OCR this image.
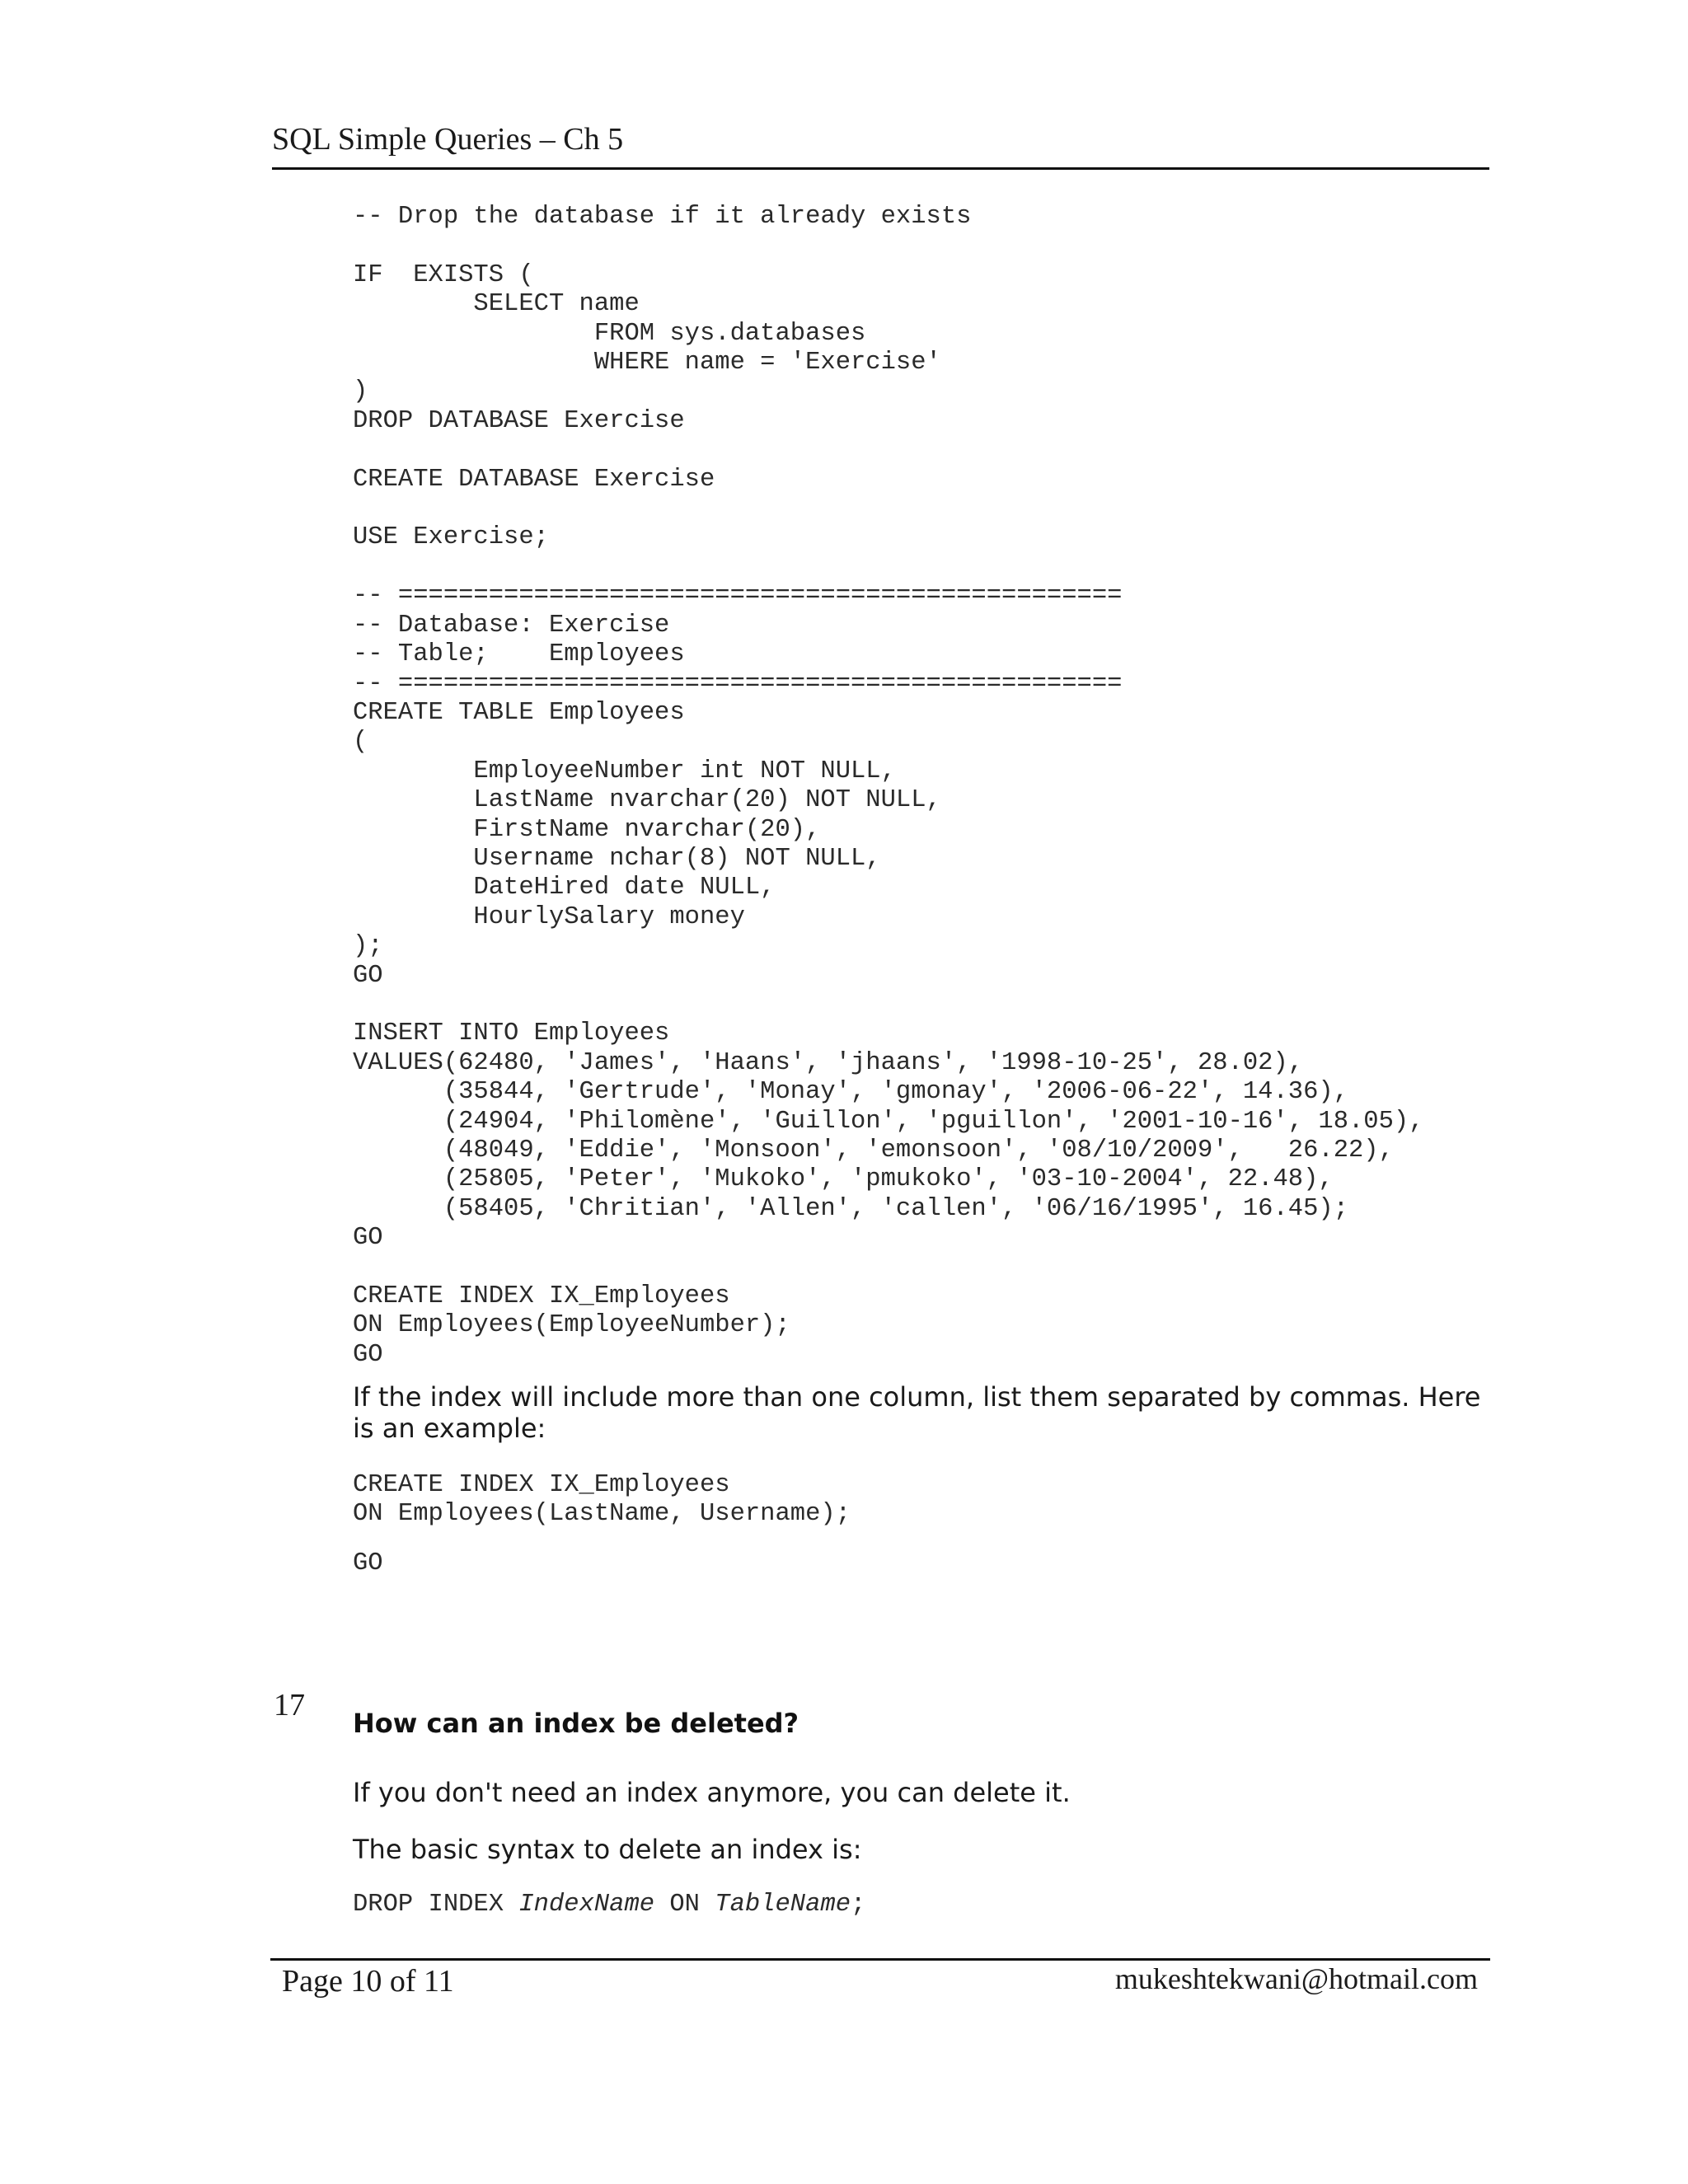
SQL Simple Queries – Ch 5
-- Drop the database if it already exists

IF  EXISTS (
SELECT name
FROM sys.databases
WHERE name = 'Exercise'
)
DROP DATABASE Exercise

CREATE DATABASE Exercise

USE Exercise;

-- ================================================
-- Database: Exercise
-- Table;    Employees
-- ================================================
CREATE TABLE Employees
(
EmployeeNumber int NOT NULL,
LastName nvarchar(20) NOT NULL,
FirstName nvarchar(20),
Username nchar(8) NOT NULL,
DateHired date NULL,
HourlySalary money
);
GO

INSERT INTO Employees
VALUES(62480, 'James', 'Haans', 'jhaans', '1998-10-25', 28.02),
(35844, 'Gertrude', 'Monay', 'gmonay', '2006-06-22', 14.36),
(24904, 'Philomène', 'Guillon', 'pguillon', '2001-10-16', 18.05),
(48049, 'Eddie', 'Monsoon', 'emonsoon', '08/10/2009',   26.22),
(25805, 'Peter', 'Mukoko', 'pmukoko', '03-10-2004', 22.48),
(58405, 'Chritian', 'Allen', 'callen', '06/16/1995', 16.45);
GO

CREATE INDEX IX_Employees
ON Employees(EmployeeNumber);
GO

If the index will include more than one column, list them separated by commas. Here is an example:

CREATE INDEX IX_Employees
ON Employees(LastName, Username);
GO
17
How can an index be deleted?

If you don't need an index anymore, you can delete it.

The basic syntax to delete an index is:

DROP INDEX IndexName ON TableName;
Page 10 of 11	mukeshtekwani@hotmail.com
